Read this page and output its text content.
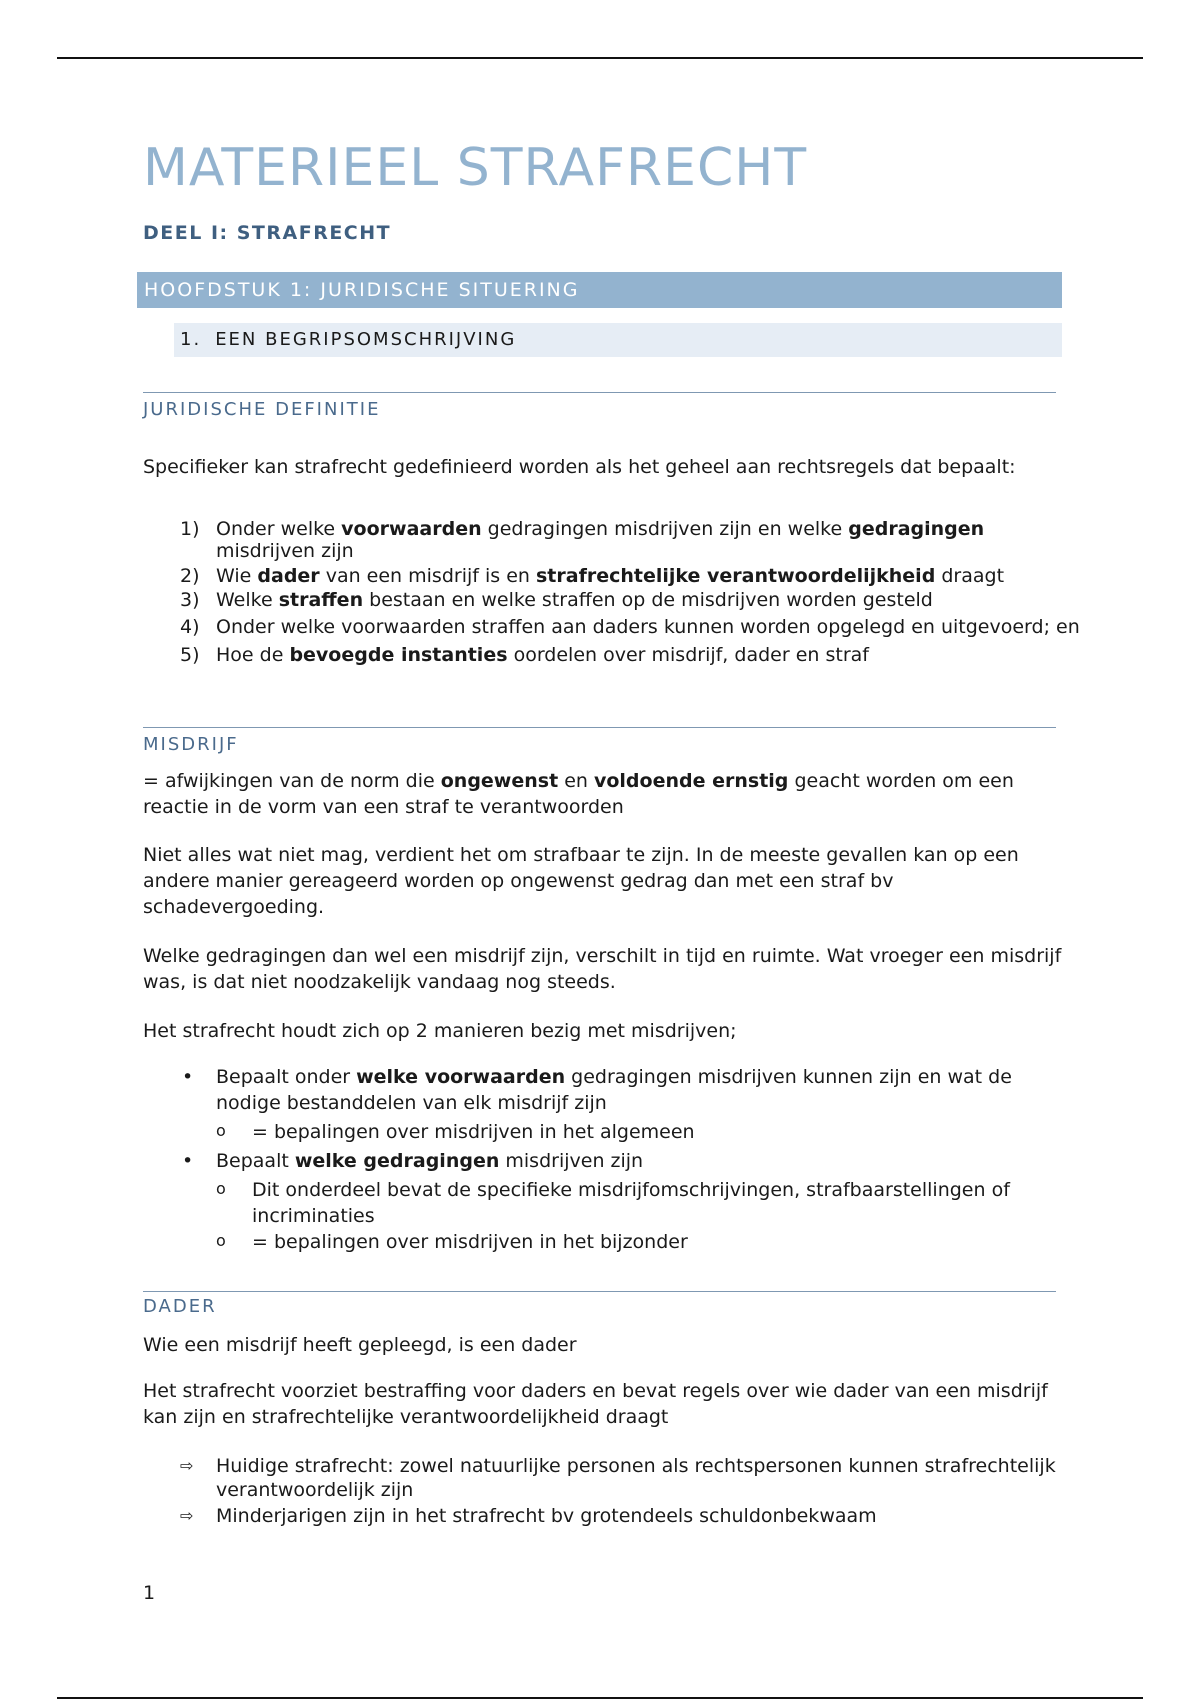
MATERIEEL STRAFRECHT
DEEL I: STRAFRECHT
HOOFDSTUK 1: JURIDISCHE SITUERING
1. EEN BEGRIPSOMSCHRIJVING
JURIDISCHE DEFINITIE

Specifieker kan strafrecht gedefinieerd worden als het geheel aan rechtsregels dat bepaalt:

1) Onder welke voorwaarden gedragingen misdrijven zijn en welke gedragingen misdrijven zijn
2) Wie dader van een misdrijf is en strafrechtelijke verantwoordelijkheid draagt
3) Welke straffen bestaan en welke straffen op de misdrijven worden gesteld
4) Onder welke voorwaarden straffen aan daders kunnen worden opgelegd en uitgevoerd; en
5) Hoe de bevoegde instanties oordelen over misdrijf, dader en straf
MISDRIJF

= afwijkingen van de norm die ongewenst en voldoende ernstig geacht worden om een reactie in de vorm van een straf te verantwoorden

Niet alles wat niet mag, verdient het om strafbaar te zijn. In de meeste gevallen kan op een andere manier gereageerd worden op ongewenst gedrag dan met een straf bv schadevergoeding.

Welke gedragingen dan wel een misdrijf zijn, verschilt in tijd en ruimte. Wat vroeger een misdrijf was, is dat niet noodzakelijk vandaag nog steeds.

Het strafrecht houdt zich op 2 manieren bezig met misdrijven;

• Bepaalt onder welke voorwaarden gedragingen misdrijven kunnen zijn en wat de nodige bestanddelen van elk misdrijf zijn
o = bepalingen over misdrijven in het algemeen
• Bepaalt welke gedragingen misdrijven zijn
o Dit onderdeel bevat de specifieke misdrijfomschrijvingen, strafbaarstellingen of incriminaties
o = bepalingen over misdrijven in het bijzonder
DADER

Wie een misdrijf heeft gepleegd, is een dader

Het strafrecht voorziet bestraffing voor daders en bevat regels over wie dader van een misdrijf kan zijn en strafrechtelijke verantwoordelijkheid draagt

⇨ Huidige strafrecht: zowel natuurlijke personen als rechtspersonen kunnen strafrechtelijk verantwoordelijk zijn
⇨ Minderjarigen zijn in het strafrecht bv grotendeels schuldonbekwaam
1
